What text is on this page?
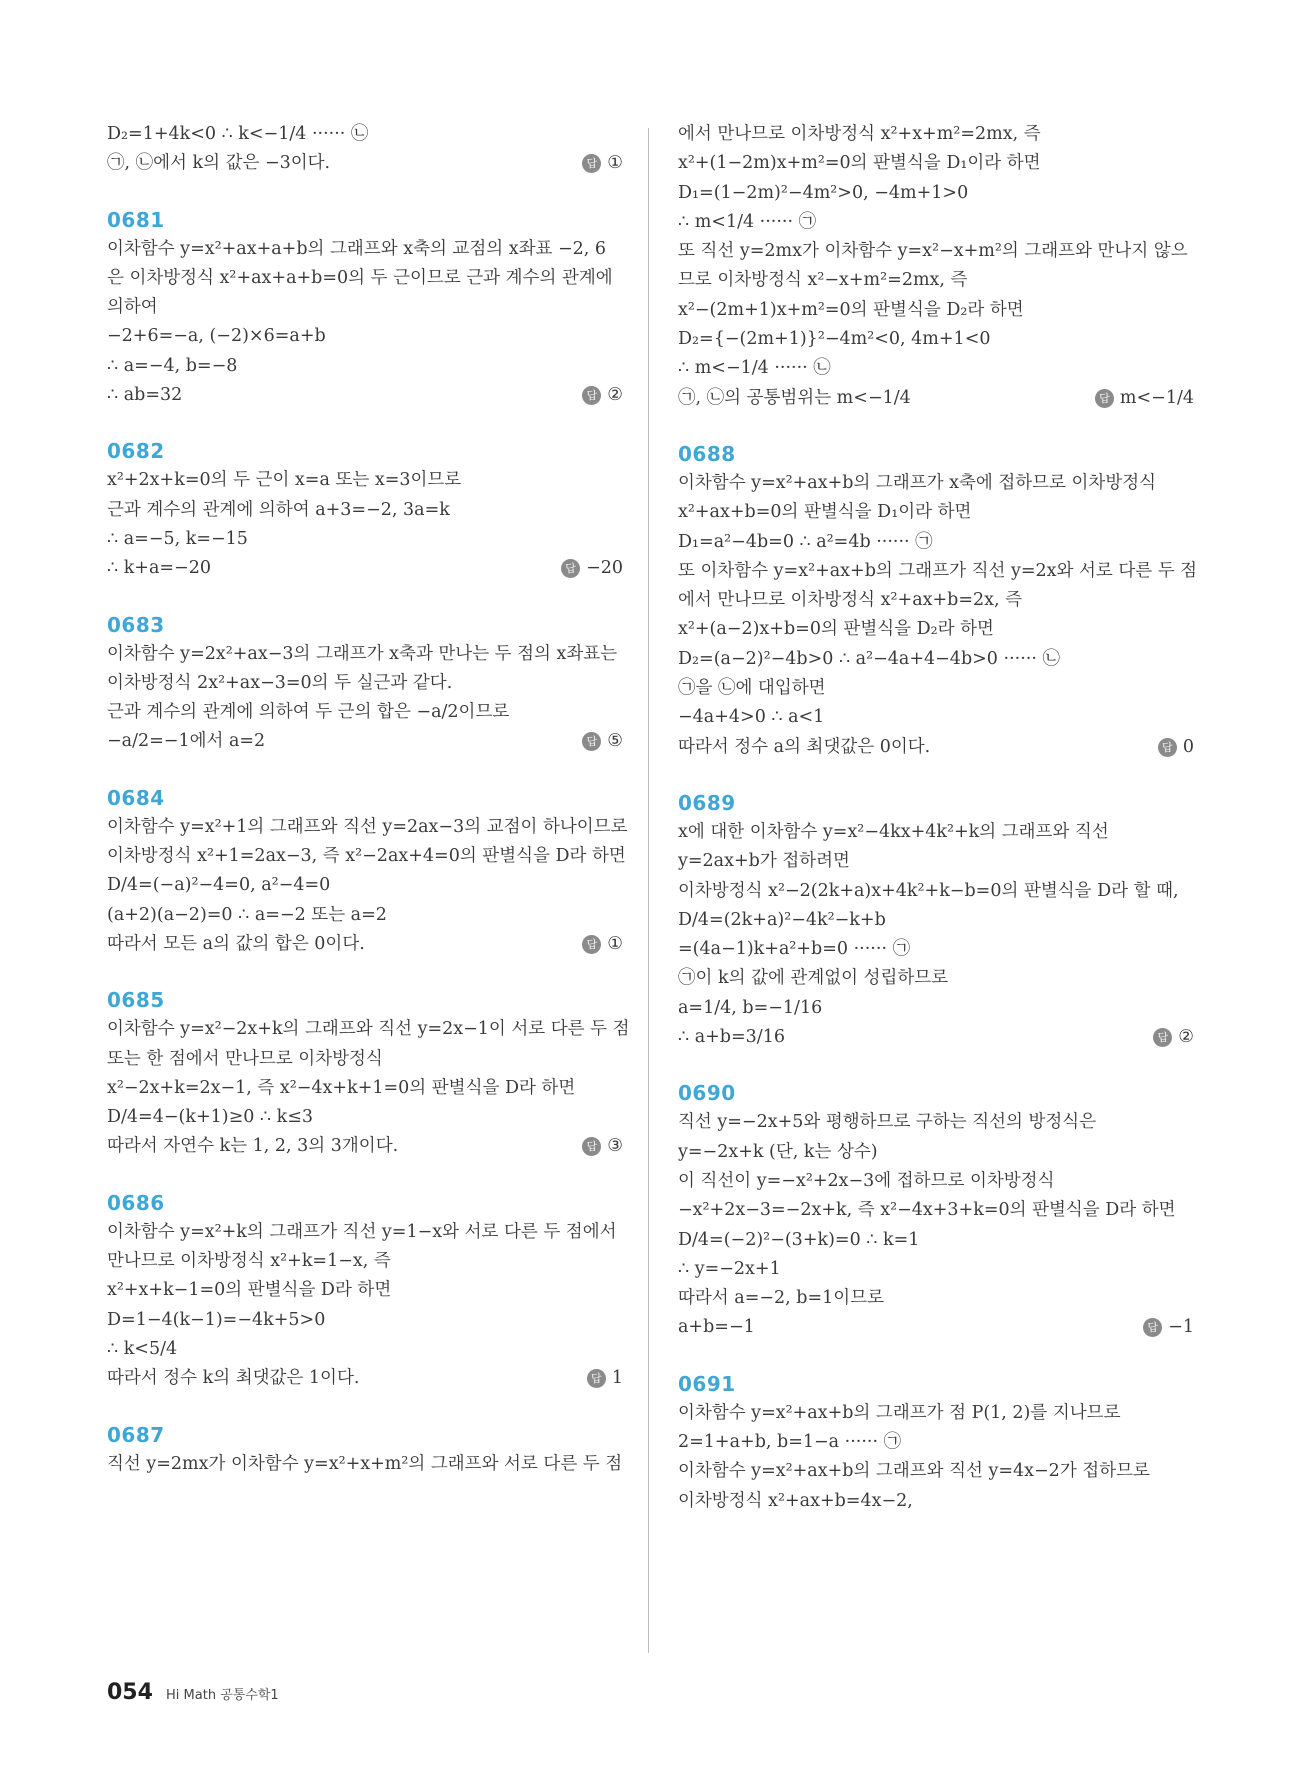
D₂=1+4k<0 ∴ k<−1/4 ······ ㉡
㉠, ㉡에서 k의 값은 −3이다.	답 ①
0681
이차함수 y=x²+ax+a+b의 그래프와 x축의 교점의 x좌표 −2, 6
은 이차방정식 x²+ax+a+b=0의 두 근이므로 근과 계수의 관계에
의하여
−2+6=−a, (−2)×6=a+b
∴ a=−4, b=−8
∴ ab=32	답 ②
0682
x²+2x+k=0의 두 근이 x=a 또는 x=3이므로
근과 계수의 관계에 의하여 a+3=−2, 3a=k
∴ a=−5, k=−15
∴ k+a=−20	답 −20
0683
이차함수 y=2x²+ax−3의 그래프가 x축과 만나는 두 점의 x좌표는
이차방정식 2x²+ax−3=0의 두 실근과 같다.
근과 계수의 관계에 의하여 두 근의 합은 −a/2이므로
−a/2=−1에서 a=2	답 ⑤
0684
이차함수 y=x²+1의 그래프와 직선 y=2ax−3의 교점이 하나이므로
이차방정식 x²+1=2ax−3, 즉 x²−2ax+4=0의 판별식을 D라 하면
D/4=(−a)²−4=0, a²−4=0
(a+2)(a−2)=0 ∴ a=−2 또는 a=2
따라서 모든 a의 값의 합은 0이다.	답 ①
0685
이차함수 y=x²−2x+k의 그래프와 직선 y=2x−1이 서로 다른 두 점
또는 한 점에서 만나므로 이차방정식
x²−2x+k=2x−1, 즉 x²−4x+k+1=0의 판별식을 D라 하면
D/4=4−(k+1)≥0 ∴ k≤3
따라서 자연수 k는 1, 2, 3의 3개이다.	답 ③
0686
이차함수 y=x²+k의 그래프가 직선 y=1−x와 서로 다른 두 점에서
만나므로 이차방정식 x²+k=1−x, 즉
x²+x+k−1=0의 판별식을 D라 하면
D=1−4(k−1)=−4k+5>0
∴ k<5/4
따라서 정수 k의 최댓값은 1이다.	답 1
0687
직선 y=2mx가 이차함수 y=x²+x+m²의 그래프와 서로 다른 두 점
에서 만나므로 이차방정식 x²+x+m²=2mx, 즉
x²+(1−2m)x+m²=0의 판별식을 D₁이라 하면
D₁=(1−2m)²−4m²>0, −4m+1>0
∴ m<1/4 ······ ㉠
또 직선 y=2mx가 이차함수 y=x²−x+m²의 그래프와 만나지 않으
므로 이차방정식 x²−x+m²=2mx, 즉
x²−(2m+1)x+m²=0의 판별식을 D₂라 하면
D₂={−(2m+1)}²−4m²<0, 4m+1<0
∴ m<−1/4 ······ ㉡
㉠, ㉡의 공통범위는 m<−1/4	답 m<−1/4
0688
이차함수 y=x²+ax+b의 그래프가 x축에 접하므로 이차방정식
x²+ax+b=0의 판별식을 D₁이라 하면
D₁=a²−4b=0 ∴ a²=4b ······ ㉠
또 이차함수 y=x²+ax+b의 그래프가 직선 y=2x와 서로 다른 두 점
에서 만나므로 이차방정식 x²+ax+b=2x, 즉
x²+(a−2)x+b=0의 판별식을 D₂라 하면
D₂=(a−2)²−4b>0 ∴ a²−4a+4−4b>0 ······ ㉡
㉠을 ㉡에 대입하면
−4a+4>0 ∴ a<1
따라서 정수 a의 최댓값은 0이다.	답 0
0689
x에 대한 이차함수 y=x²−4kx+4k²+k의 그래프와 직선
y=2ax+b가 접하려면
이차방정식 x²−2(2k+a)x+4k²+k−b=0의 판별식을 D라 할 때,
D/4=(2k+a)²−4k²−k+b
=(4a−1)k+a²+b=0 ······ ㉠
㉠이 k의 값에 관계없이 성립하므로
a=1/4, b=−1/16
∴ a+b=3/16	답 ②
0690
직선 y=−2x+5와 평행하므로 구하는 직선의 방정식은
y=−2x+k (단, k는 상수)
이 직선이 y=−x²+2x−3에 접하므로 이차방정식
−x²+2x−3=−2x+k, 즉 x²−4x+3+k=0의 판별식을 D라 하면
D/4=(−2)²−(3+k)=0 ∴ k=1
∴ y=−2x+1
따라서 a=−2, b=1이므로
a+b=−1	답 −1
0691
이차함수 y=x²+ax+b의 그래프가 점 P(1, 2)를 지나므로
2=1+a+b, b=1−a ······ ㉠
이차함수 y=x²+ax+b의 그래프와 직선 y=4x−2가 접하므로
이차방정식 x²+ax+b=4x−2,
054 Hi Math 공통수학1
